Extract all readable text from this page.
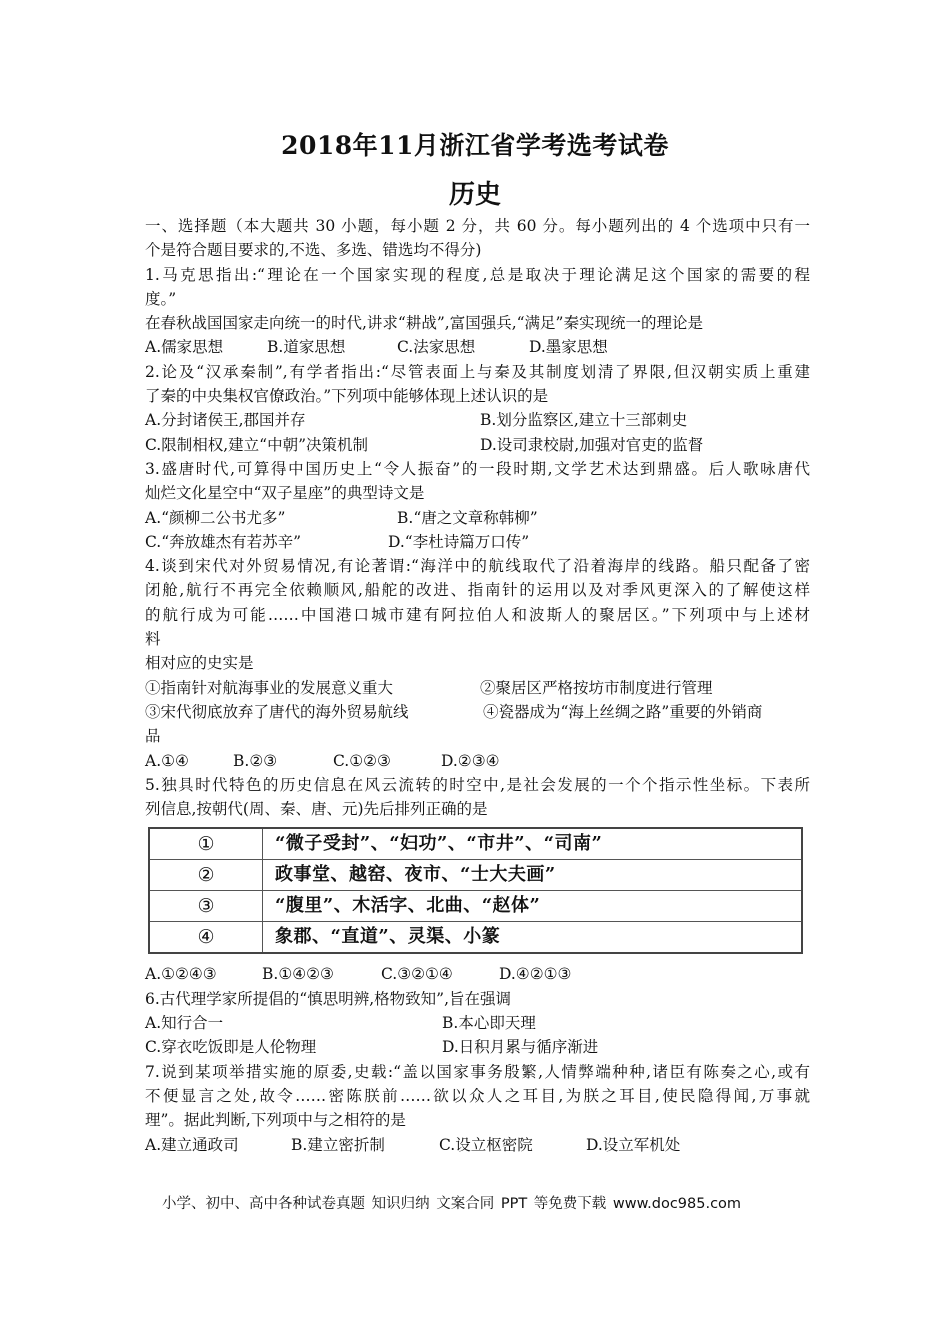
2018年11月浙江省学考选考试卷
历史
一、选择题（本大题共 30 小题，每小题 2 分，共 60 分。每小题列出的 4 个选项中只有一
个是符合题目要求的,不选、多选、错选均不得分)
1.马克思指出:“理论在一个国家实现的程度,总是取决于理论满足这个国家的需要的程
度。”
在春秋战国国家走向统一的时代,讲求“耕战”,富国强兵,“满足”秦实现统一的理论是
A.儒家思想	B.道家思想	C.法家思想	D.墨家思想
2.论及“汉承秦制”,有学者指出:“尽管表面上与秦及其制度划清了界限,但汉朝实质上重建
了秦的中央集权官僚政治。”下列项中能够体现上述认识的是
A.分封诸侯王,郡国并存	B.划分监察区,建立十三部刺史
C.限制相权,建立“中朝”决策机制	D.设司隶校尉,加强对官吏的监督
3.盛唐时代,可算得中国历史上“令人振奋”的一段时期,文学艺术达到鼎盛。后人歌咏唐代
灿烂文化星空中“双子星座”的典型诗文是
A.“颜柳二公书尤多”	B.“唐之文章称韩柳”
C.“奔放雄杰有若苏辛”	D.“李杜诗篇万口传”
4.谈到宋代对外贸易情况,有论著谓:“海洋中的航线取代了沿着海岸的线路。船只配备了密
闭舱,航行不再完全依赖顺风,船舵的改进、指南针的运用以及对季风更深入的了解使这样
的航行成为可能……中国港口城市建有阿拉伯人和波斯人的聚居区。”下列项中与上述材
料
相对应的史实是
①指南针对航海事业的发展意义重大	②聚居区严格按坊市制度进行管理
③宋代彻底放弃了唐代的海外贸易航线	④瓷器成为“海上丝绸之路”重要的外销商
品
A.①④	B.②③	C.①②③	D.②③④
5.独具时代特色的历史信息在风云流转的时空中,是社会发展的一个个指示性坐标。下表所
列信息,按朝代(周、秦、唐、元)先后排列正确的是
①	“微子受封”、“妇功”、“市井”、“司南”
②	政事堂、越窑、夜市、“士大夫画”
③	“腹里”、木活字、北曲、“赵体”
④	象郡、“直道”、灵渠、小篆
A.①②④③	B.①④②③	C.③②①④	D.④②①③
6.古代理学家所提倡的“慎思明辨,格物致知”,旨在强调
A.知行合一	B.本心即天理
C.穿衣吃饭即是人伦物理	D.日积月累与循序渐进
7.说到某项举措实施的原委,史载:“盖以国家事务殷繁,人情弊端种种,诸臣有陈奏之心,或有
不便显言之处,故令……密陈朕前……欲以众人之耳目,为朕之耳目,使民隐得闻,万事就
理”。据此判断,下列项中与之相符的是
A.建立通政司	B.建立密折制	C.设立枢密院	D.设立军机处
小学、初中、高中各种试卷真题 知识归纳 文案合同 PPT 等免费下载 www.doc985.com
